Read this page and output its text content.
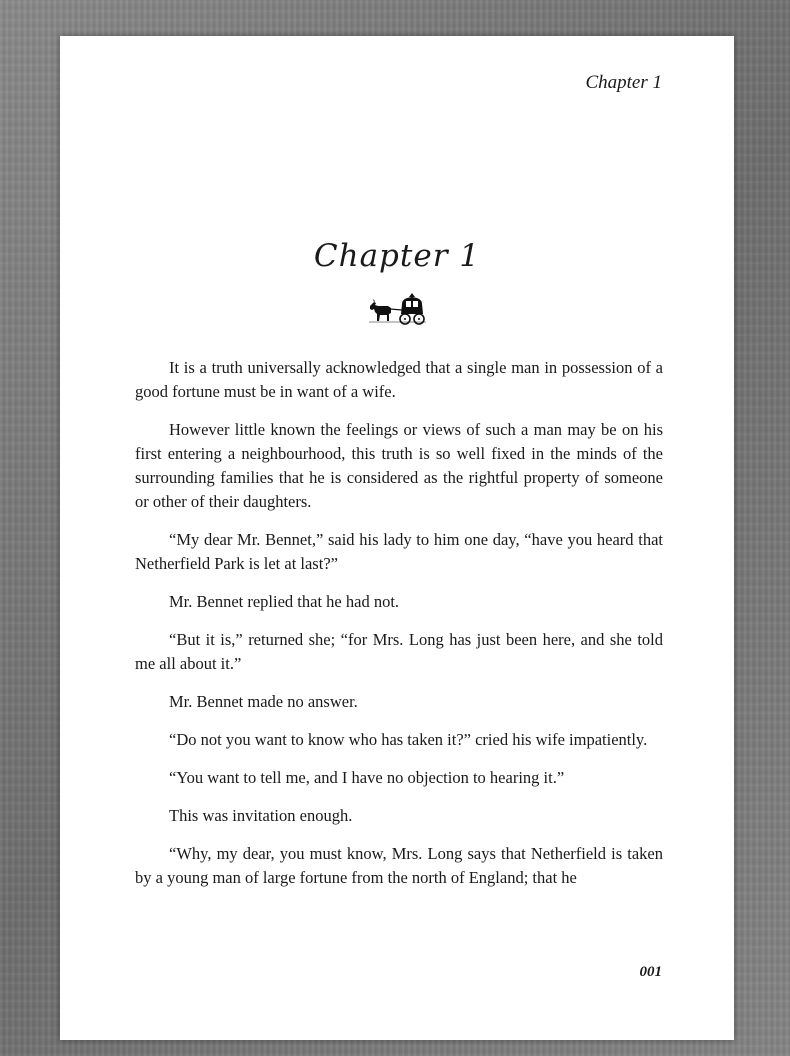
Chapter 1
Chapter 1

It is a truth universally acknowledged that a single man in possession of a good fortune must be in want of a wife.

However little known the feelings or views of such a man may be on his first entering a neighbourhood, this truth is so well fixed in the minds of the surrounding families that he is considered as the rightful property of someone or other of their daughters.

“My dear Mr. Bennet,” said his lady to him one day, “have you heard that Netherfield Park is let at last?”

Mr. Bennet replied that he had not.

“But it is,” returned she; “for Mrs. Long has just been here, and she told me all about it.”

Mr. Bennet made no answer.

“Do not you want to know who has taken it?” cried his wife impatiently.

“You want to tell me, and I have no objection to hearing it.”

This was invitation enough.

“Why, my dear, you must know, Mrs. Long says that Netherfield is taken by a young man of large fortune from the north of England; that he

001
